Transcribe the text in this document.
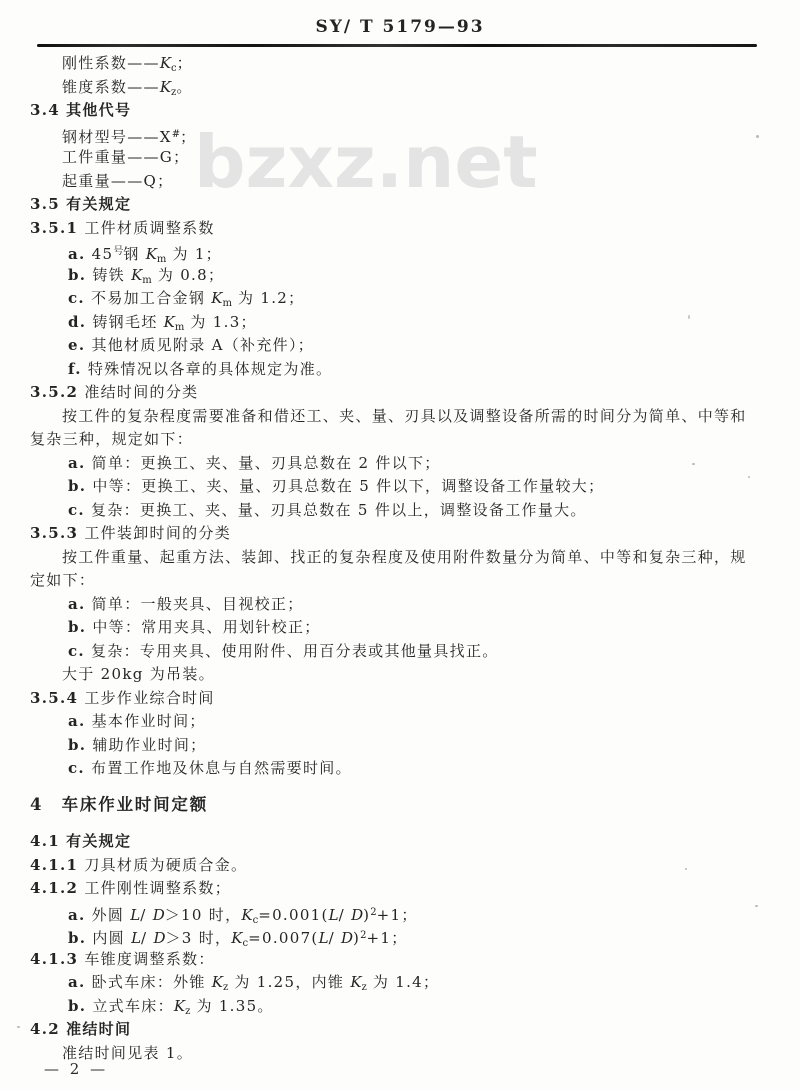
SY/ T 5179—93
bzxz.net
刚性系数$——K_c$；
锥度系数$——K_z$。
3.4 其他代号
钢材型号——X#；
工件重量——G；
起重量——Q；
3.5 有关规定
3.5.1 工件材质调整系数
a. $45^号$钢 $K_m$ 为 1；
b. 铸铁 $K_m$ 为 0.8；
c. 不易加工合金钢 $K_m$ 为 1.2；
d. 铸钢毛坯 $K_m$ 为 1.3；
e. 其他材质见附录 A（补充件）；
f. 特殊情况以各章的具体规定为准。
3.5.2 准结时间的分类
按工件的复杂程度需要准备和借还工、夹、量、刃具以及调整设备所需的时间分为简单、中等和
复杂三种，规定如下：
a. 简单：更换工、夹、量、刃具总数在 2 件以下；
b. 中等：更换工、夹、量、刃具总数在 5 件以下，调整设备工作量较大；
c. 复杂：更换工、夹、量、刃具总数在 5 件以上，调整设备工作量大。
3.5.3 工件装卸时间的分类
按工件重量、起重方法、装卸、找正的复杂程度及使用附件数量分为简单、中等和复杂三种，规
定如下：
a. 简单：一般夹具、目视校正；
b. 中等：常用夹具、用划针校正；
c. 复杂：专用夹具、使用附件、用百分表或其他量具找正。
大于 20kg 为吊装。
3.5.4 工步作业综合时间
a. 基本作业时间；
b. 辅助作业时间；
c. 布置工作地及休息与自然需要时间。
4　 车床作业时间定额
4.1 有关规定
4.1.1 刀具材质为硬质合金。
4.1.2 工件刚性调整系数；
a. 外圆 L/ D＞10 时，$K_c=0.001(L/$ D)$^2$+1；
b. 内圆 L/ D＞3 时，$K_c=0.007(L/$ D)$^2$+1；
4.1.3 车锥度调整系数：
a. 卧式车床：外锥 $K_z$ 为 1.25，内锥 $K_z$ 为 1.4；
b. 立式车床：$K_z$ 为 1.35。
4.2 准结时间
准结时间见表 1。
— 2 —
